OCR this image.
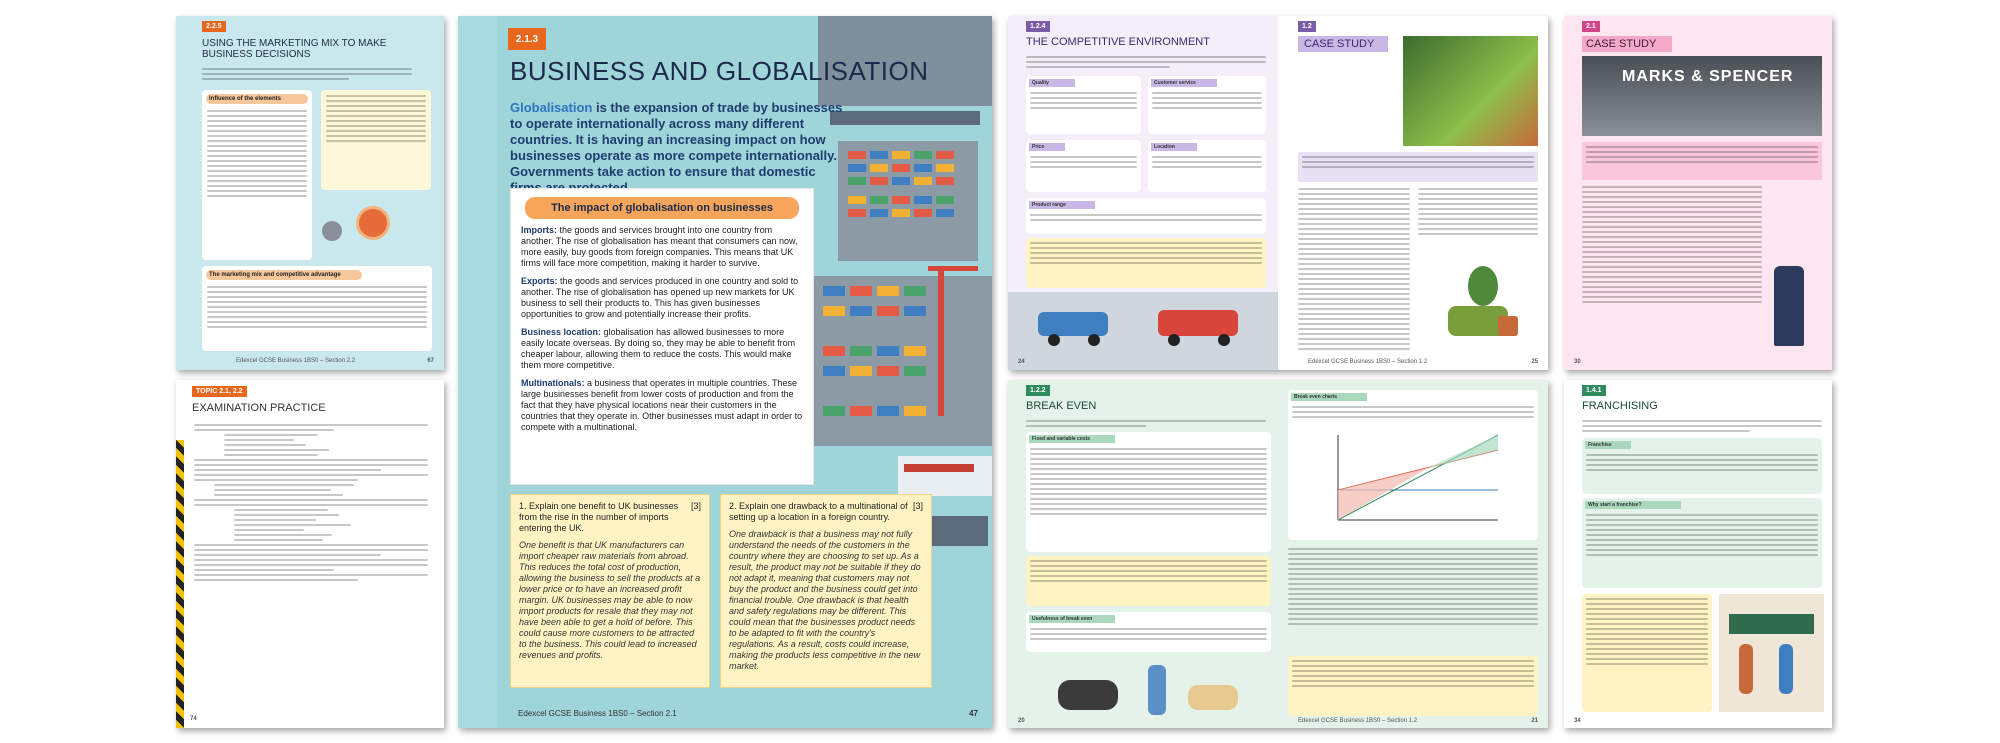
2.2.5
USING THE MARKETING MIX TO MAKE BUSINESS DECISIONS
Influence of the elements
The marketing mix and competitive advantage
Edexcel GCSE Business 1BS0 – Section 2.2	67
TOPIC 2.1, 2.2
EXAMINATION PRACTICE
74
2.1.3
BUSINESS AND GLOBALISATION
Globalisation is the expansion of trade by businesses to operate internationally across many different countries. It is having an increasing impact on how businesses operate as more compete internationally. Governments take action to ensure that domestic
The impact of globalisation on businesses

Imports: the goods and services brought into one country from another. The rise of globalisation has meant that consumers can now, more easily, buy goods from foreign companies. This means that UK firms will face more competition, making it harder to survive.

Exports: the goods and services produced in one country and sold to another. The rise of globalisation has opened up new markets for UK business to sell their products to. This has given businesses opportunities to grow and potentially increase their profits.

Business location: globalisation has allowed businesses to more easily locate overseas. By doing so, they may be able to benefit from cheaper labour, allowing them to reduce the costs. This would make them more competitive.

Multinationals: a business that operates in multiple countries. These large businesses benefit from lower costs of production and from the fact that they have physical locations near their customers in the countries that they operate in. Other businesses must adapt in order to compete with a multinational.

[3]
1. Explain one benefit to UK businesses from the rise in the number of imports entering the UK.
One benefit is that UK manufacturers can import cheaper raw materials from abroad. This reduces the total cost of production, allowing the business to sell the products at a lower price or to have an increased profit margin. UK businesses may be able to now import products for resale that they may not have been able to get a hold of before. This could cause more customers to be attracted to the business. This could lead to increased revenues and profits.
[3]
2. Explain one drawback to a multinational of setting up a location in a foreign country.
One drawback is that a business may not fully understand the needs of the customers in the country where they are choosing to set up. As a result, the product may not be suitable if they do not adapt it, meaning that customers may not buy the product and the business could get into financial trouble. One drawback is that health and safety regulations may be different. This could mean that the businesses product needs to be adapted to fit with the country's regulations. As a result, costs could increase, making the products less competitive in the new market.
Edexcel GCSE Business 1BS0 – Section 2.1	47
1.2.4
THE COMPETITIVE ENVIRONMENT
Quality	Customer service
Price	Location
Product range
1.2
CASE STUDY
24	Edexcel GCSE Business 1BS0 – Section 1.2	25
2.1
CASE STUDY
MARKS & SPENCER
30
1.2.2
BREAK EVEN
Fixed and variable costs
Usefulness of break even
Break even charts
20	Edexcel GCSE Business 1BS0 – Section 1.2	21
1.4.1
FRANCHISING
Franchise
Why start a franchise?
34
